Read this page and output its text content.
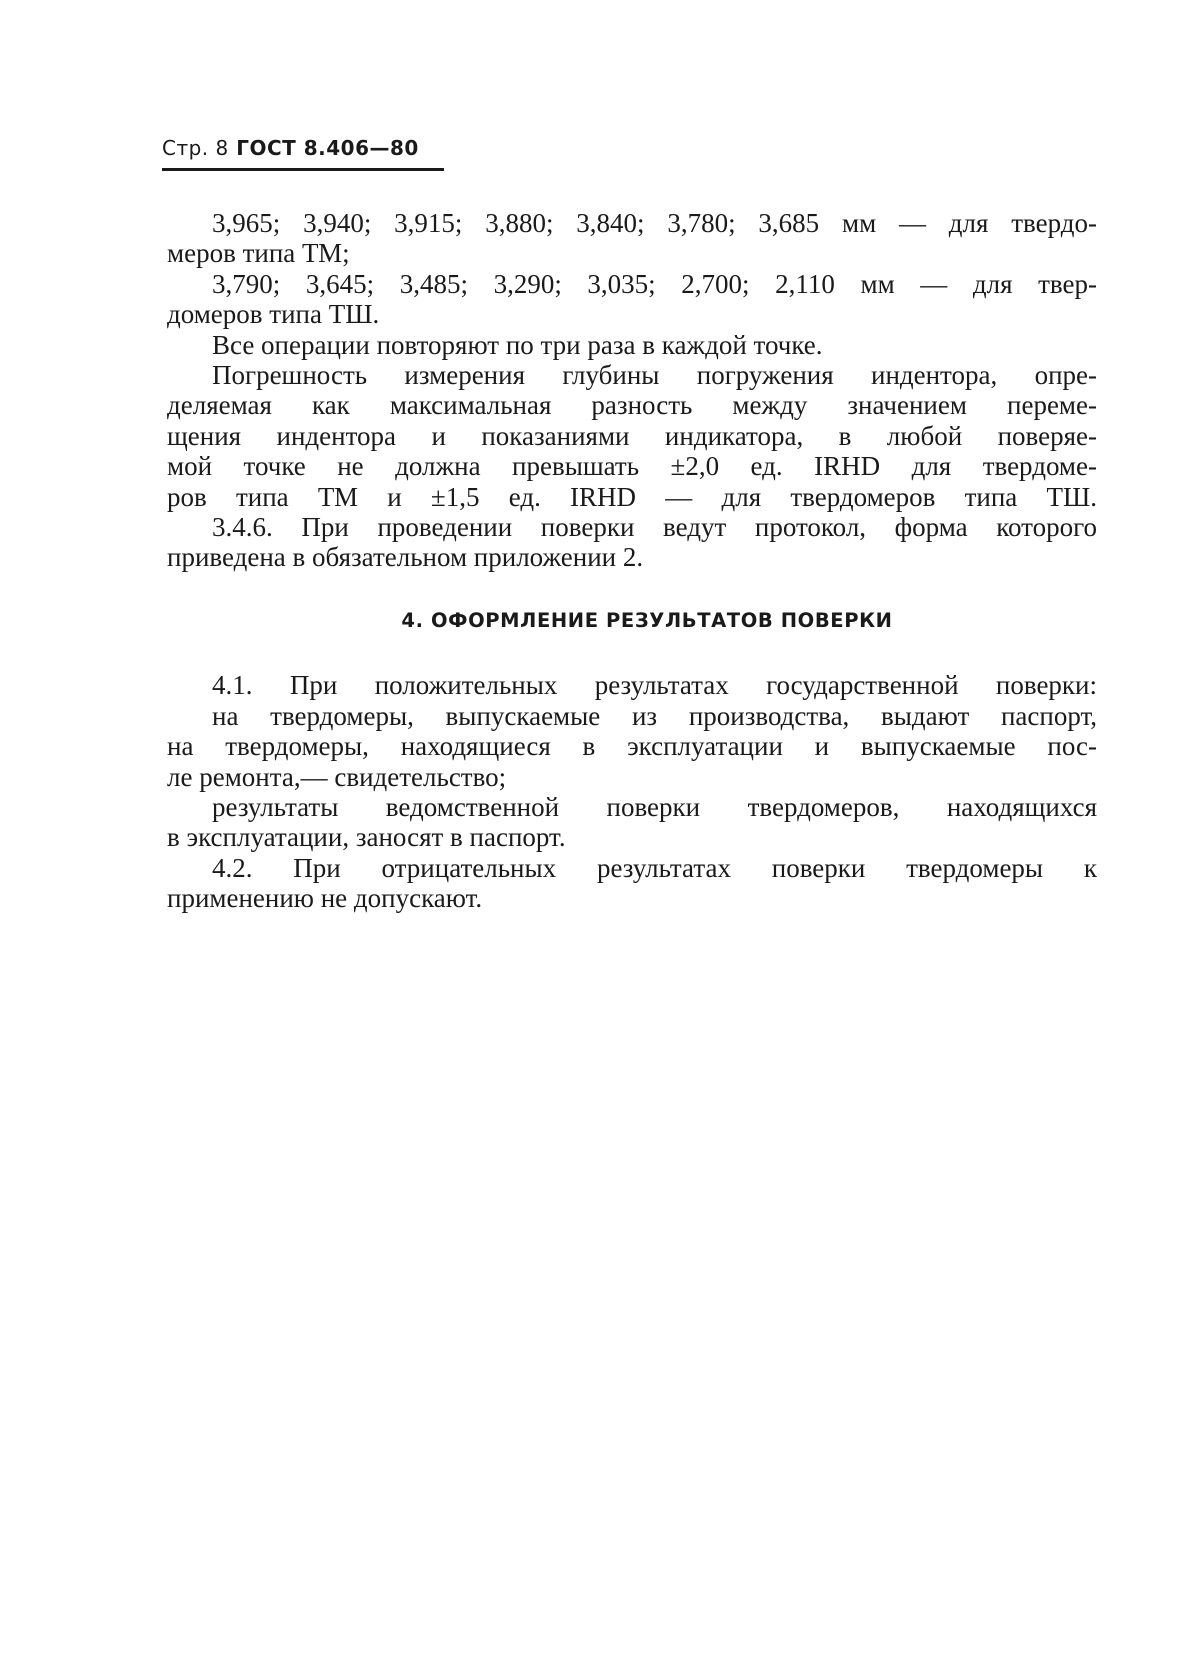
Стр. 8 ГОСТ 8.406—80

3,965; 3,940; 3,915; 3,880; 3,840; 3,780; 3,685 мм — для твердо-

меров типа ТМ;

3,790; 3,645; 3,485; 3,290; 3,035; 2,700; 2,110 мм — для твер-

домеров типа ТШ.

Все операции повторяют по три раза в каждой точке.

Погрешность измерения глубины погружения индентора, опре-

деляемая как максимальная разность между значением переме-

щения индентора и показаниями индикатора, в любой поверяе-

мой точке не должна превышать ±2,0 ед. IRHD для твердоме-

ров типа ТМ и ±1,5 ед. IRHD — для твердомеров типа ТШ.

3.4.6. При проведении поверки ведут протокол, форма которого

приведена в обязательном приложении 2.

4. ОФОРМЛЕНИЕ РЕЗУЛЬТАТОВ ПОВЕРКИ

4.1. При положительных результатах государственной поверки:

на твердомеры, выпускаемые из производства, выдают паспорт,

на твердомеры, находящиеся в эксплуатации и выпускаемые пос-

ле ремонта,— свидетельство;

результаты ведомственной поверки твердомеров, находящихся

в эксплуатации, заносят в паспорт.

4.2. При отрицательных результатах поверки твердомеры к

применению не допускают.
